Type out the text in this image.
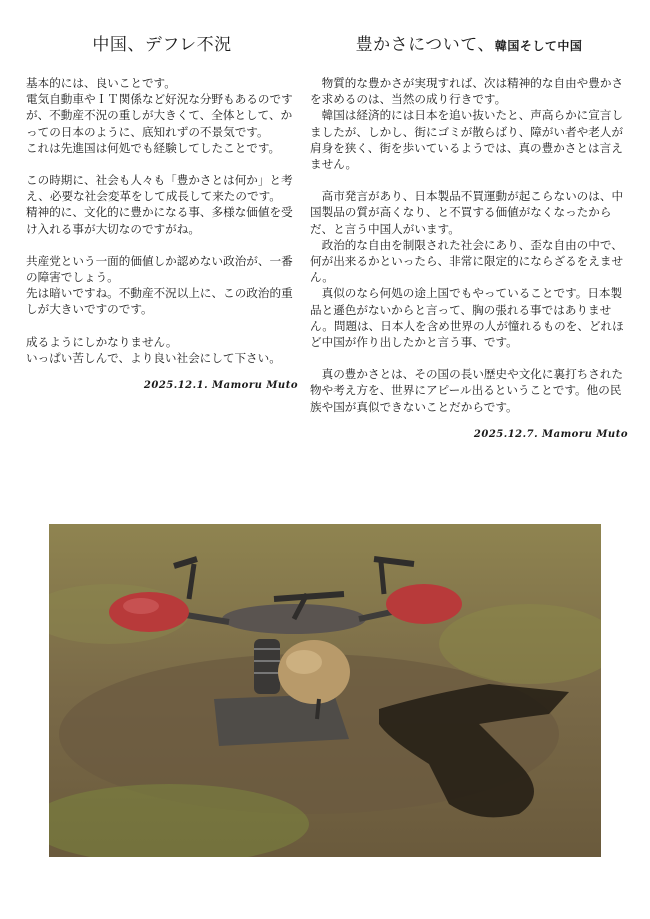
中国、デフレ不況

基本的には、良いことです。
電気自動車やＩＴ関係など好況な分野もあるのですが、不動産不況の重しが大きくて、全体として、かっての日本のように、底知れずの不景気です。
これは先進国は何処でも経験してしたことです。

この時期に、社会も人々も「豊かさとは何か」と考え、必要な社会変革をして成長して来たのです。
精神的に、文化的に豊かになる事、多様な価値を受け入れる事が大切なのですがね。

共産党という一面的価値しか認めない政治が、一番の障害でしょう。
先は暗いですね。不動産不況以上に、この政治的重しが大きいですのです。

成るようにしかなりません。
いっぱい苦しんで、より良い社会にして下さい。

2025.12.1. Mamoru Muto
豊かさについて、韓国そして中国

　物質的な豊かさが実現すれば、次は精神的な自由や豊かさを求めるのは、当然の成り行きです。
　韓国は経済的には日本を追い抜いたと、声高らかに宣言しましたが、しかし、街にゴミが散らばり、障がい者や老人が肩身を狭く、街を歩いているようでは、真の豊かさとは言えません。

　高市発言があり、日本製品不買運動が起こらないのは、中国製品の質が高くなり、と不買する価値がなくなったからだ、と言う中国人がいます。
　政治的な自由を制限された社会にあり、歪な自由の中で、何が出来るかといったら、非常に限定的にならざるをえません。
　真似のなら何処の途上国でもやっていることです。日本製品と遜色がないからと言って、胸の張れる事ではありません。問題は、日本人を含め世界の人が憧れるものを、どれほど中国が作り出したかと言う事、です。

　真の豊かさとは、その国の長い歴史や文化に裏打ちされた物や考え方を、世界にアピール出るということです。他の民族や国が真似できないことだからです。

2025.12.7. Mamoru Muto
